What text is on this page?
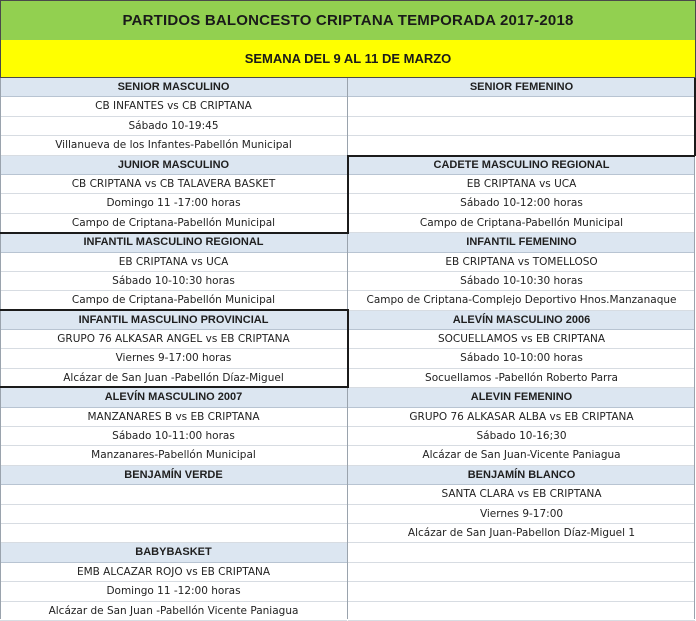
PARTIDOS BALONCESTO CRIPTANA TEMPORADA 2017-2018
SEMANA DEL 9 AL 11 DE MARZO
SENIOR MASCULINO
CB INFANTES vs CB CRIPTANA
Sábado 10-19:45
Villanueva de los Infantes-Pabellón Municipal
JUNIOR MASCULINO
CB CRIPTANA vs CB TALAVERA BASKET
Domingo 11 -17:00 horas
Campo de Criptana-Pabellón Municipal
INFANTIL MASCULINO REGIONAL
EB CRIPTANA vs UCA
Sábado 10-10:30 horas
Campo de Criptana-Pabellón Municipal
INFANTIL MASCULINO PROVINCIAL
GRUPO 76 ALKASAR ANGEL vs EB CRIPTANA
Viernes 9-17:00 horas
Alcázar de San Juan -Pabellón Díaz-Miguel
ALEVÍN MASCULINO 2007
MANZANARES B vs EB CRIPTANA
Sábado 10-11:00 horas
Manzanares-Pabellón Municipal
BENJAMÍN VERDE
BABYBASKET
EMB ALCAZAR ROJO vs EB CRIPTANA
Domingo 11 -12:00 horas
Alcázar de San Juan -Pabellón Vicente Paniagua
SENIOR FEMENINO
CADETE MASCULINO REGIONAL
EB CRIPTANA vs UCA
Sábado 10-12:00 horas
Campo de Criptana-Pabellón Municipal
INFANTIL FEMENINO
EB CRIPTANA vs TOMELLOSO
Sábado 10-10:30 horas
Campo de Criptana-Complejo Deportivo Hnos.Manzanaque
ALEVÍN MASCULINO 2006
SOCUELLAMOS vs EB CRIPTANA
Sábado 10-10:00 horas
Socuellamos -Pabellón Roberto Parra
ALEVIN FEMENINO
GRUPO 76 ALKASAR ALBA vs EB CRIPTANA
Sábado 10-16;30
Alcázar de San Juan-Vicente Paniagua
BENJAMÍN BLANCO
SANTA CLARA vs EB CRIPTANA
Viernes 9-17:00
Alcázar de San Juan-Pabellon Díaz-Miguel 1
